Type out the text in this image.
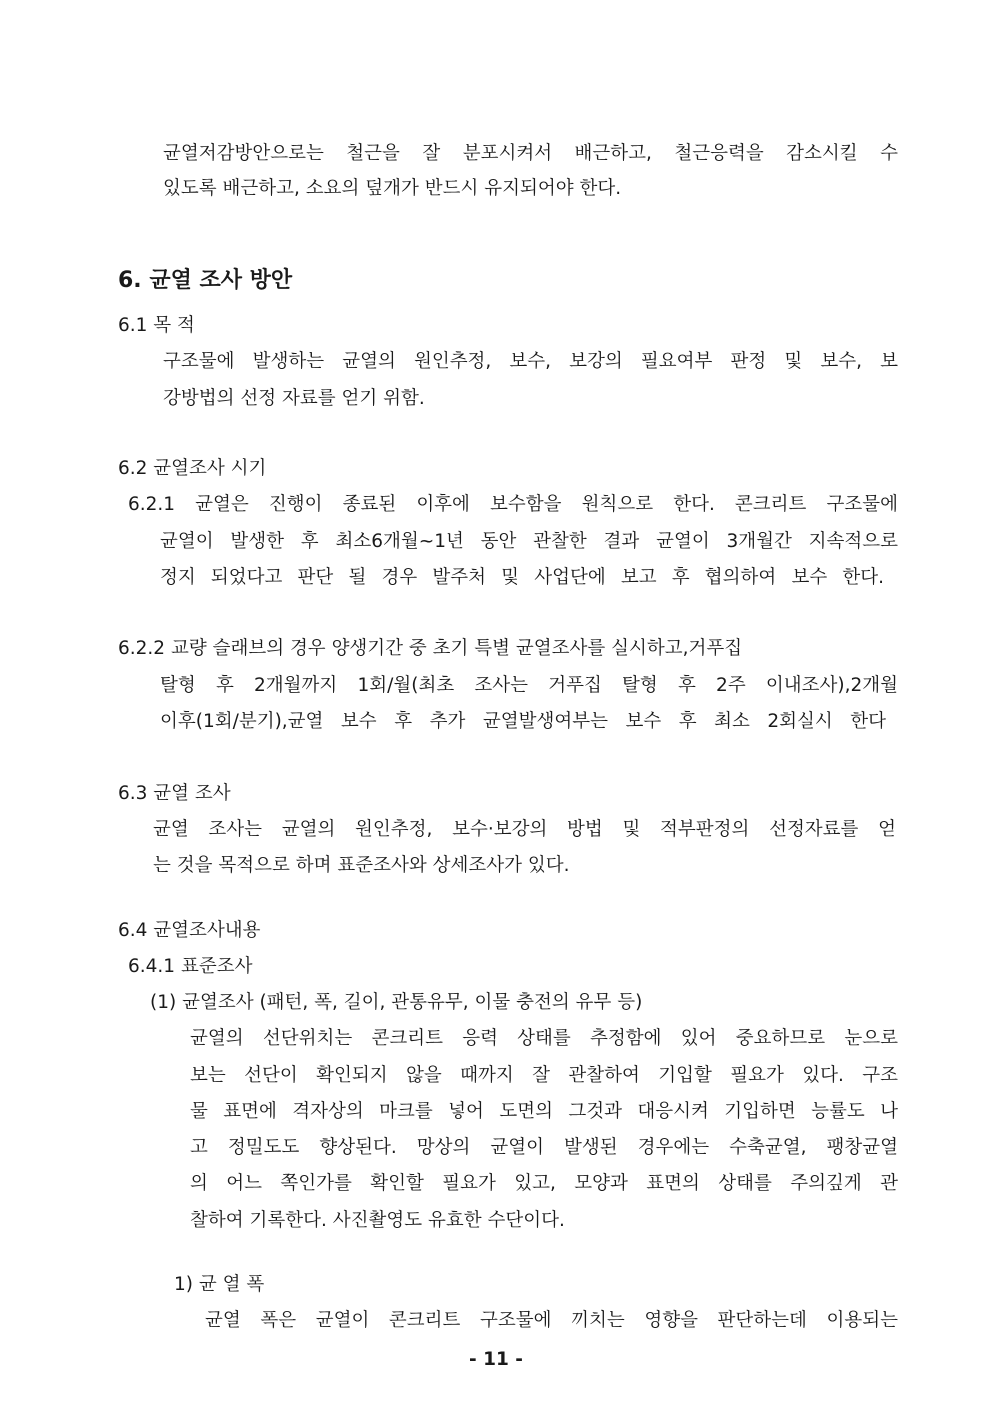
균열저감방안으로는 철근을 잘 분포시켜서 배근하고, 철근응력을 감소시킬 수

있도록 배근하고, 소요의 덮개가 반드시 유지되어야 한다.

6. 균열 조사 방안
6.1 목 적

구조물에 발생하는 균열의 원인추정, 보수, 보강의 필요여부 판정 및 보수, 보

강방법의 선정 자료를 얻기 위함.

6.2 균열조사 시기

6.2.1 균열은 진행이 종료된 이후에 보수함을 원칙으로 한다. 콘크리트 구조물에

균열이 발생한 후 최소6개월~1년 동안 관찰한 결과 균열이 3개월간 지속적으로

정지 되었다고 판단 될 경우 발주처 및 사업단에 보고 후 협의하여 보수 한다.

6.2.2 교량 슬래브의 경우 양생기간 중 초기 특별 균열조사를 실시하고,거푸집

탈형 후 2개월까지 1회/월(최초 조사는 거푸집 탈형 후 2주 이내조사),2개월

이후(1회/분기),균열 보수 후 추가 균열발생여부는 보수 후 최소 2회실시 한다

6.3 균열 조사

균열 조사는 균열의 원인추정, 보수·보강의 방법 및 적부판정의 선정자료를 얻

는 것을 목적으로 하며 표준조사와 상세조사가 있다.

6.4 균열조사내용
6.4.1 표준조사

(1) 균열조사 (패턴, 폭, 길이, 관통유무, 이물 충전의 유무 등)

균열의 선단위치는 콘크리트 응력 상태를 추정함에 있어 중요하므로 눈으로

보는 선단이 확인되지 않을 때까지 잘 관찰하여 기입할 필요가 있다. 구조

물 표면에 격자상의 마크를 넣어 도면의 그것과 대응시켜 기입하면 능률도 나

고 정밀도도 향상된다. 망상의 균열이 발생된 경우에는 수축균열, 팽창균열

의 어느 쪽인가를 확인할 필요가 있고, 모양과 표면의 상태를 주의깊게 관

찰하여 기록한다. 사진촬영도 유효한 수단이다.

1) 균 열 폭

균열 폭은 균열이 콘크리트 구조물에 끼치는 영향을 판단하는데 이용되는

- 11 -
